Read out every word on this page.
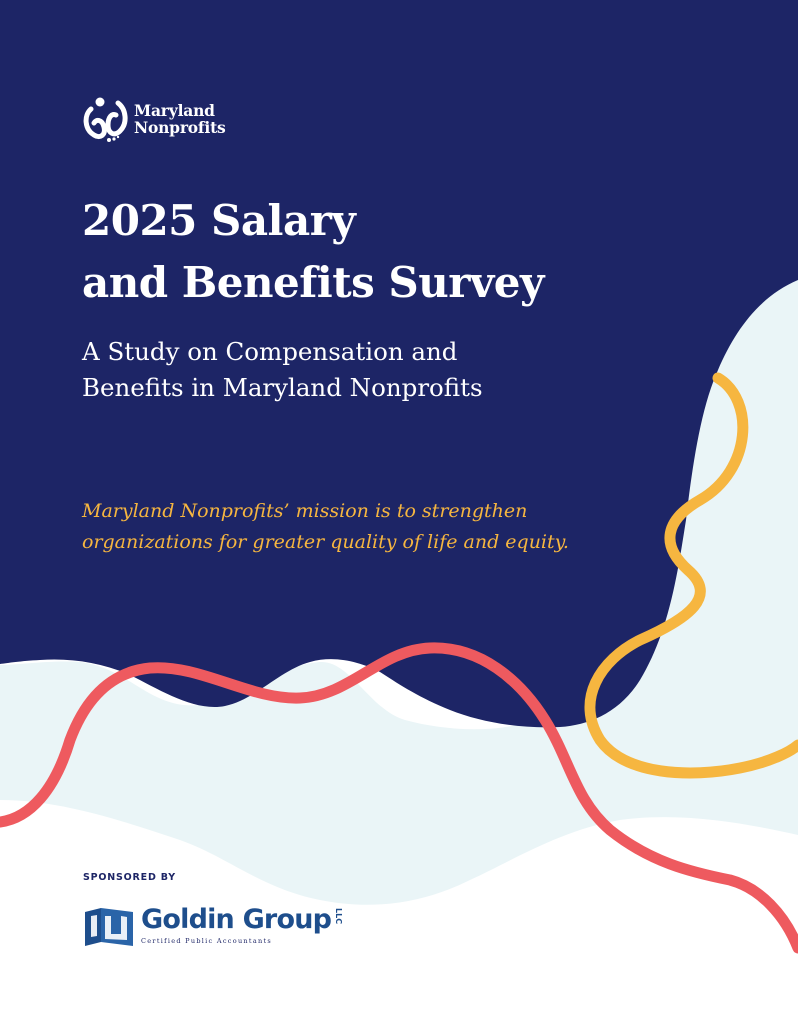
Maryland
Nonprofits
2025 Salary
and Benefits Survey
A Study on Compensation and
Benefits in Maryland Nonprofits

Maryland Nonprofits’ mission is to strengthen
organizations for greater quality of life and equity.

SPONSORED BY
Goldin Group LLC
Certified Public Accountants
